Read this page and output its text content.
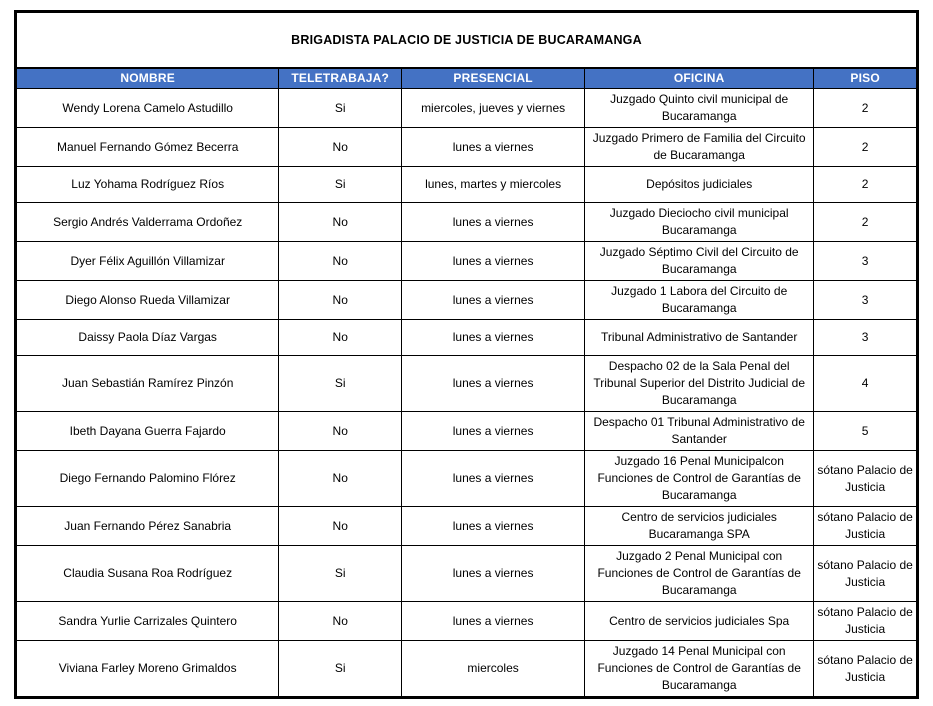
BRIGADISTA PALACIO DE JUSTICIA DE BUCARAMANGA				
NOMBRE	TELETRABAJA?	PRESENCIAL	OFICINA	PISO
Wendy Lorena Camelo Astudillo	Si	miercoles, jueves y viernes	Juzgado Quinto civil municipal de Bucaramanga	2
Manuel Fernando Gómez Becerra	No	lunes a viernes	Juzgado Primero de Familia del Circuito de Bucaramanga	2
Luz Yohama Rodríguez Ríos	Si	lunes, martes y miercoles	Depósitos judiciales	2
Sergio Andrés Valderrama Ordoñez	No	lunes a viernes	Juzgado Dieciocho civil municipal Bucaramanga	2
Dyer Félix Aguillón Villamizar	No	lunes a viernes	Juzgado Séptimo Civil del Circuito de Bucaramanga	3
Diego Alonso Rueda Villamizar	No	lunes a viernes	Juzgado 1 Labora del Circuito de Bucaramanga	3
Daissy Paola Díaz Vargas	No	lunes a viernes	Tribunal Administrativo de Santander	3
Juan Sebastián Ramírez Pinzón	Si	lunes a viernes	Despacho 02 de la Sala Penal del Tribunal Superior del Distrito Judicial de Bucaramanga	4
Ibeth Dayana Guerra Fajardo	No	lunes a viernes	Despacho 01 Tribunal Administrativo de Santander	5
Diego Fernando Palomino Flórez	No	lunes a viernes	Juzgado 16 Penal Municipalcon Funciones de Control de Garantías de Bucaramanga	sótano Palacio de Justicia
Juan Fernando Pérez Sanabria	No	lunes a viernes	Centro de servicios judiciales Bucaramanga SPA	sótano Palacio de Justicia
Claudia Susana Roa Rodríguez	Si	lunes a viernes	Juzgado 2 Penal Municipal con Funciones de Control de Garantías de Bucaramanga	sótano Palacio de Justicia
Sandra Yurlie Carrizales Quintero	No	lunes a viernes	Centro de servicios judiciales Spa	sótano Palacio de Justicia
Viviana Farley Moreno Grimaldos	Si	miercoles	Juzgado 14 Penal Municipal con Funciones de Control de Garantías de Bucaramanga	sótano Palacio de Justicia
